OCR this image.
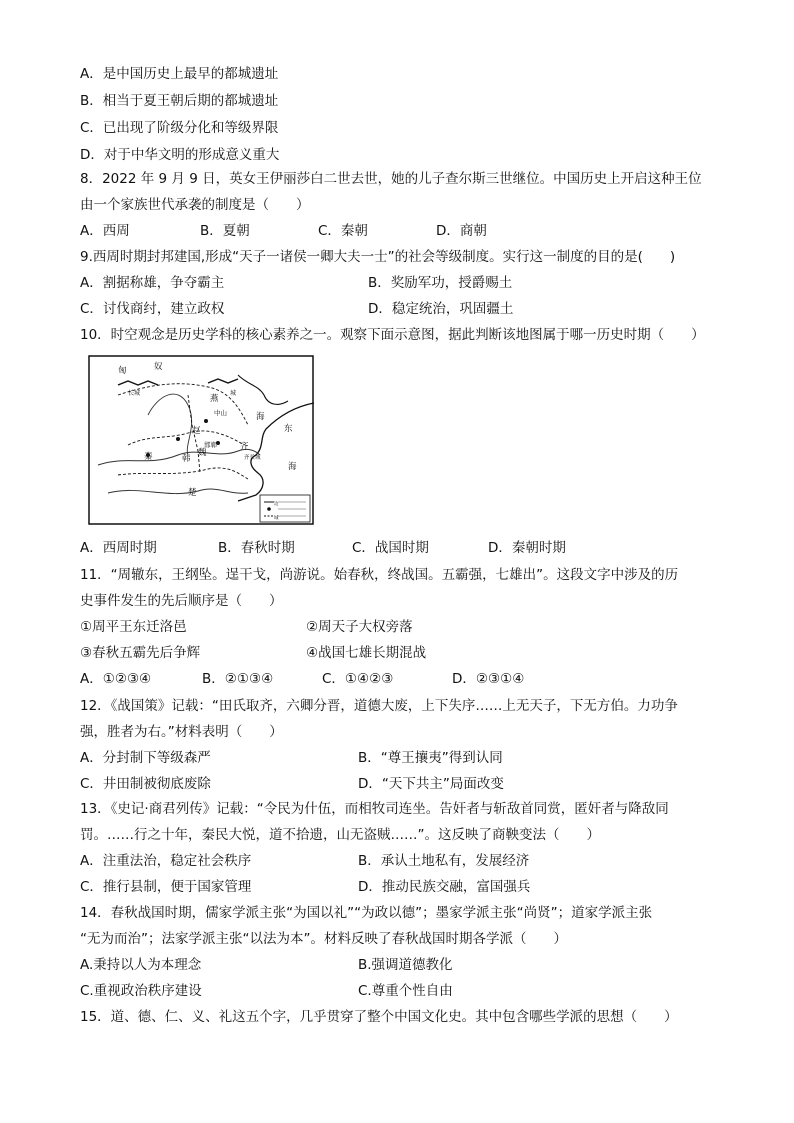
A．是中国历史上最早的都城遗址
B．相当于夏王朝后期的都城遗址
C．已出现了阶级分化和等级界限
D．对于中华文明的形成意义重大
8．2022 年 9 月 9 日，英女王伊丽莎白二世去世，她的儿子查尔斯三世继位。中国历史上开启这种王位
由一个家族世代承袭的制度是（　　）
A．西周	B．夏朝	C．秦朝	D．商朝
9.西周时期封邦建国,形成“天子一诸侯一卿大夫一士”的社会等级制度。实行这一制度的目的是(　　)
A．割据称雄，争夺霸主	B．奖励军功，授爵赐土
C．讨伐商纣，建立政权	D．稳定统治，巩固疆土
10．时空观念是历史学科的核心素养之一。观察下面示意图，据此判断该地图属于哪一历史时期（　　）
匈	奴
燕
赵
中山
邯郸	齐
秦	韩
魏
楚
海
东
海
齐长城
城
长城
边
城
A．西周时期	B．春秋时期	C．战国时期	D．秦朝时期
11．“周辙东，王纲坠。逞干戈，尚游说。始春秋，终战国。五霸强，七雄出”。这段文字中涉及的历
史事件发生的先后顺序是（　　）
①周平王东迁洛邑	②周天子大权旁落
③春秋五霸先后争辉	④战国七雄长期混战
A．①②③④	B．②①③④	C．①④②③	D．②③①④
12．《战国策》记载：“田氏取齐，六卿分晋，道德大废，上下失序……上无天子，下无方伯。力功争
强，胜者为右。”材料表明（　　）
A．分封制下等级森严	B．“尊王攘夷”得到认同
C．井田制被彻底废除	D．“天下共主”局面改变
13．《史记·商君列传》记载：“令民为什伍，而相牧司连坐。告奸者与斩敌首同赏，匿奸者与降敌同
罚。……行之十年，秦民大悦，道不拾遗，山无盗贼……”。这反映了商鞅变法（　　）
A．注重法治，稳定社会秩序	B．承认土地私有，发展经济
C．推行县制，便于国家管理	D．推动民族交融，富国强兵
14．春秋战国时期，儒家学派主张“为国以礼”“为政以德”；墨家学派主张“尚贤”；道家学派主张
“无为而治”；法家学派主张“以法为本”。材料反映了春秋战国时期各学派（　　）
A.秉持以人为本理念	B.强调道德教化
C.重视政治秩序建设	C.尊重个性自由
15．道、德、仁、义、礼这五个字，几乎贯穿了整个中国文化史。其中包含哪些学派的思想（　　）
